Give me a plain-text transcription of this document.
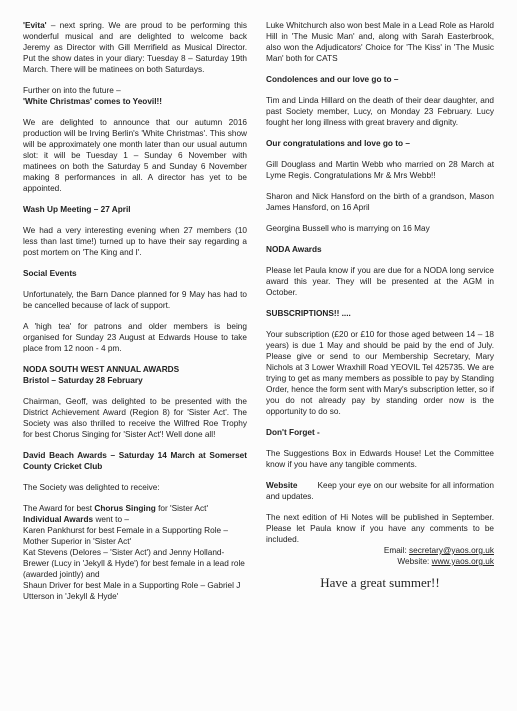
'Evita' – next spring. We are proud to be performing this wonderful musical and are delighted to welcome back Jeremy as Director with Gill Merrifield as Musical Director. Put the show dates in your diary: Tuesday 8 – Saturday 19th March. There will be matinees on both Saturdays.

Further on into the future –
'White Christmas' comes to Yeovil!!

We are delighted to announce that our autumn 2016 production will be Irving Berlin's 'White Christmas'. This show will be approximately one month later than our usual autumn slot: it will be Tuesday 1 – Sunday 6 November with matinees on both the Saturday 5 and Sunday 6 November making 8 performances in all. A director has yet to be appointed.

Wash Up Meeting – 27 April

We had a very interesting evening when 27 members (10 less than last time!) turned up to have their say regarding a post mortem on 'The King and I'.

Social Events

Unfortunately, the Barn Dance planned for 9 May has had to be cancelled because of lack of support.

A 'high tea' for patrons and older members is being organised for Sunday 23 August at Edwards House to take place from 12 noon - 4 pm.

NODA SOUTH WEST ANNUAL AWARDS
Bristol – Saturday 28 February

Chairman, Geoff, was delighted to be presented with the District Achievement Award (Region 8) for 'Sister Act'. The Society was also thrilled to receive the Wilfred Roe Trophy for best Chorus Singing for 'Sister Act'! Well done all!

David Beach Awards – Saturday 14 March at Somerset County Cricket Club

The Society was delighted to receive:

The Award for best Chorus Singing for 'Sister Act'
Individual Awards went to –
Karen Pankhurst for best Female in a Supporting Role – Mother Superior in 'Sister Act'
Kat Stevens (Delores – 'Sister Act') and Jenny Holland-Brewer (Lucy in 'Jekyll & Hyde') for best female in a lead role (awarded jointly) and
Shaun Driver for best Male in a Supporting Role – Gabriel J Utterson in 'Jekyll & Hyde'

Luke Whitchurch also won best Male in a Lead Role as Harold Hill in 'The Music Man' and, along with Sarah Easterbrook, also won the Adjudicators' Choice for 'The Kiss' in 'The Music Man' both for CATS

Condolences and our love go to –

Tim and Linda Hillard on the death of their dear daughter, and past Society member, Lucy, on Monday 23 February. Lucy fought her long illness with great bravery and dignity.

Our congratulations and love go to –

Gill Douglass and Martin Webb who married on 28 March at Lyme Regis. Congratulations Mr & Mrs Webb!!

Sharon and Nick Hansford on the birth of a grandson, Mason James Hansford, on 16 April

Georgina Bussell who is marrying on 16 May

NODA Awards

Please let Paula know if you are due for a NODA long service award this year. They will be presented at the AGM in October.

SUBSCRIPTIONS!! ....

Your subscription (£20 or £10 for those aged between 14 – 18 years) is due 1 May and should be paid by the end of July. Please give or send to our Membership Secretary, Mary Nichols at 3 Lower Wraxhill Road YEOVIL Tel 425735. We are trying to get as many members as possible to pay by Standing Order, hence the form sent with Mary's subscription letter, so if you do not already pay by standing order now is the opportunity to do so.

Don't Forget -

The Suggestions Box in Edwards House! Let the Committee know if you have any tangible comments.

Website Keep your eye on our website for all information and updates.

The next edition of Hi Notes will be published in September. Please let Paula know if you have any comments to be included.

Email: secretary@yaos.org.uk
Website: www.yaos.org.uk
Have a great summer!!
